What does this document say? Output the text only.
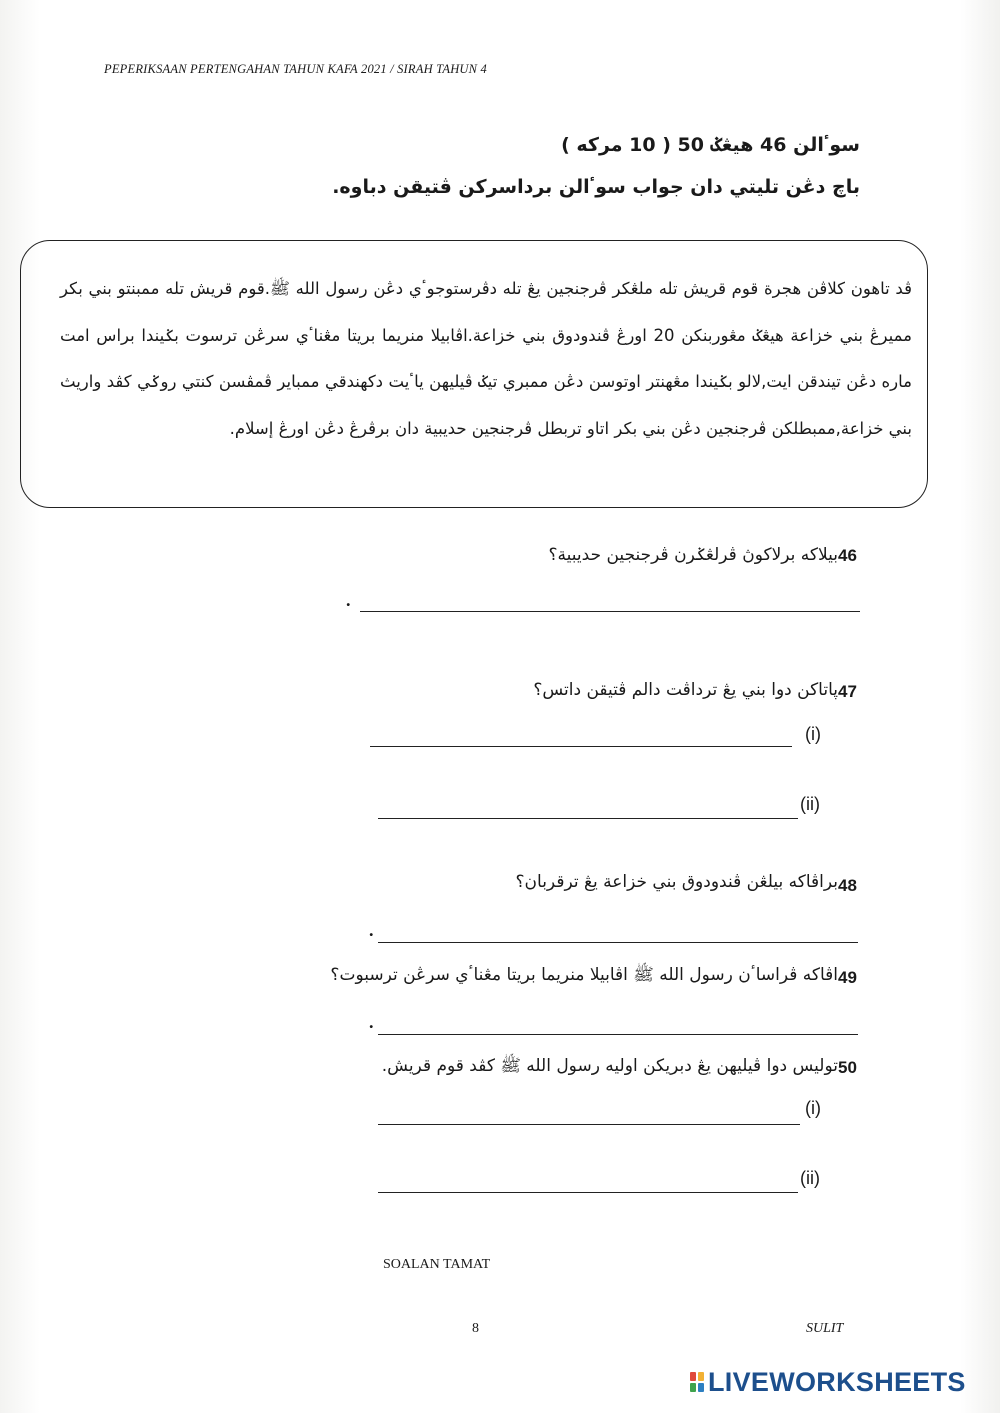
PEPERIKSAAN PERTENGAHAN TAHUN KAFA 2021 / SIRAH TAHUN 4
سوٴالن 46 هيڠݢ 50 ( 10 مركه )
باچ دڠن تليتي دان جواب سوٴالن برداسركن ڤتيقن دباوه.
ڤد تاهون كلاڤن هجرة قوم قريش تله ملڠكر ڤرجنجين يڠ تله دڤرستوجوٴي دڠن رسول الله ﷺ.قوم قريش تله ممبنتو بني بكر مميرڠ بني خزاعة هيڠݢ مڠوربنكن 20 اورڠ ڤندودوق بني خزاعة.اڤابيلا منريما بريتا مڠناٴي سرڠن ترسوت بݢيندا براس امت ماره دڠن تيندقن ايت,لالو بݢيندا مڠهنتر اوتوسن دڠن ممبري تيݢ ڤيليهن ياٴيت دكهندقي ممباير ڤمڤسن كنتي روݢي كڤد واريث بني خزاعة,ممبطلكن ڤرجنجين دڠن بني بكر اتاو تربطل ڤرجنجين حديبية دان برڤرڠ دڠن اورڠ إسلام.
46
بيلاكه برلاكوڽ ڤرلڠݢرن ڤرجنجين حديبية؟
.
47
ڽاتاكن دوا بني يڠ ترداڤت دالم ڤتيقن داتس؟
(i)
(ii)
48
براڤاكه بيلڠن ڤندودوق بني خزاعة يڠ ترقربان؟
.
49
اڤاكه ڤراساٴن رسول الله ﷺ اڤابيلا منريما بريتا مڠناٴي سرڠن ترسبوت؟
.
50
توليس دوا ڤيليهن يڠ دبريكن اوليه رسول الله ﷺ كڤد قوم قريش.
(i)
(ii)
SOALAN TAMAT
8	SULIT
LIVEWORKSHEETS
